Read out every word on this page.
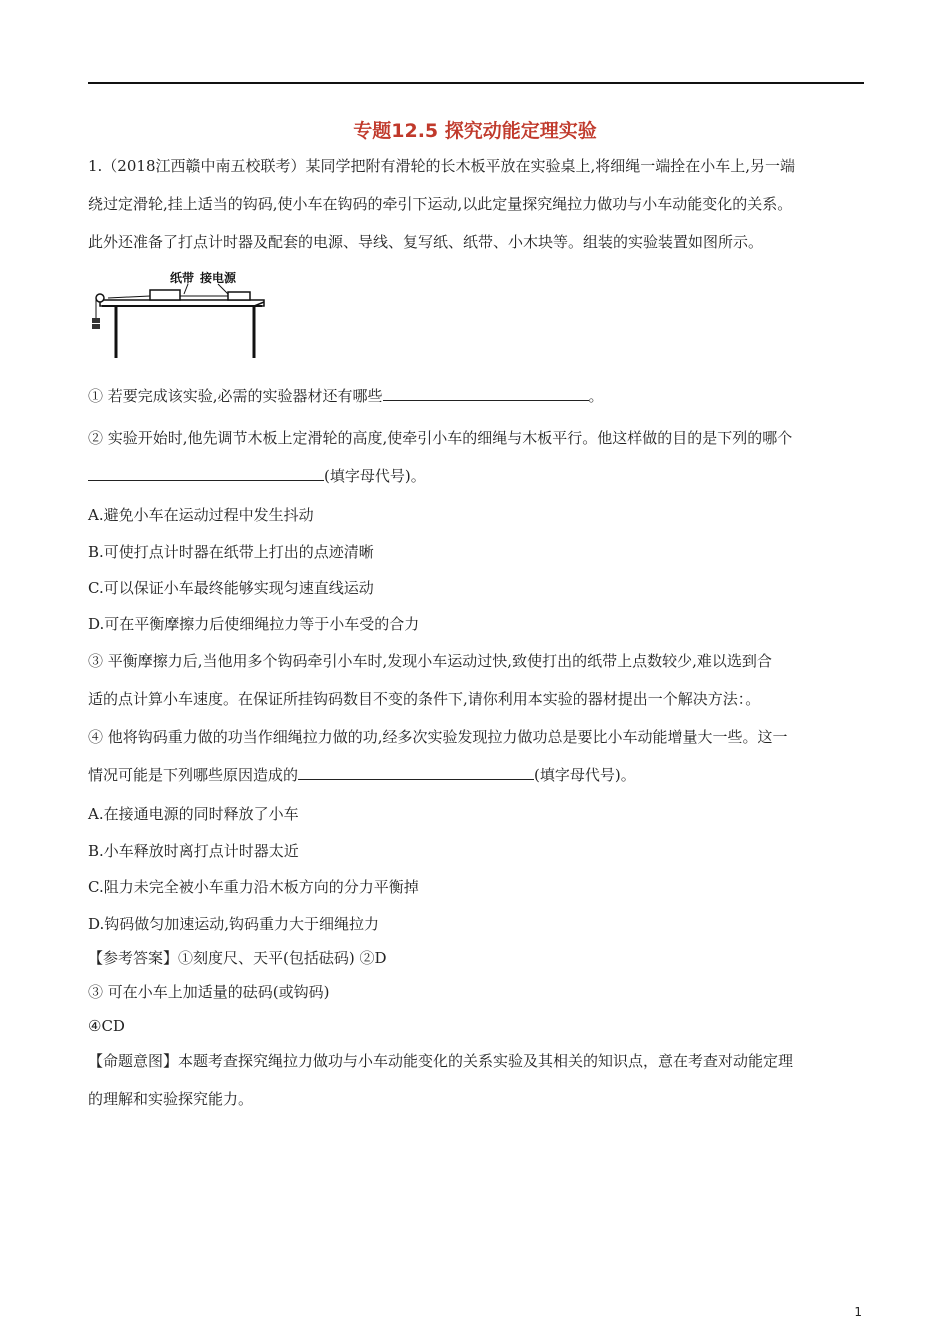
专题12.5 探究动能定理实验
1.（2018江西赣中南五校联考）某同学把附有滑轮的长木板平放在实验桌上,将细绳一端拴在小车上,另一端
绕过定滑轮,挂上适当的钩码,使小车在钩码的牵引下运动,以此定量探究绳拉力做功与小车动能变化的关系。
此外还准备了打点计时器及配套的电源、导线、复写纸、纸带、小木块等。组装的实验装置如图所示。
纸带 接电源
① 若要完成该实验,必需的实验器材还有哪些	。
② 实验开始时,他先调节木板上定滑轮的高度,使牵引小车的细绳与木板平行。他这样做的目的是下列的哪个
(填字母代号)。
A.避免小车在运动过程中发生抖动
B.可使打点计时器在纸带上打出的点迹清晰
C.可以保证小车最终能够实现匀速直线运动
D.可在平衡摩擦力后使细绳拉力等于小车受的合力
③ 平衡摩擦力后,当他用多个钩码牵引小车时,发现小车运动过快,致使打出的纸带上点数较少,难以选到合
适的点计算小车速度。在保证所挂钩码数目不变的条件下,请你利用本实验的器材提出一个解决方法：。
④ 他将钩码重力做的功当作细绳拉力做的功,经多次实验发现拉力做功总是要比小车动能增量大一些。这一
情况可能是下列哪些原因造成的	(填字母代号)。
A.在接通电源的同时释放了小车
B.小车释放时离打点计时器太近
C.阻力未完全被小车重力沿木板方向的分力平衡掉
D.钩码做匀加速运动,钩码重力大于细绳拉力
【参考答案】①刻度尺、天平(包括砝码) ②D
③ 可在小车上加适量的砝码(或钩码)
④CD
【命题意图】本题考查探究绳拉力做功与小车动能变化的关系实验及其相关的知识点，意在考查对动能定理
的理解和实验探究能力。
1
